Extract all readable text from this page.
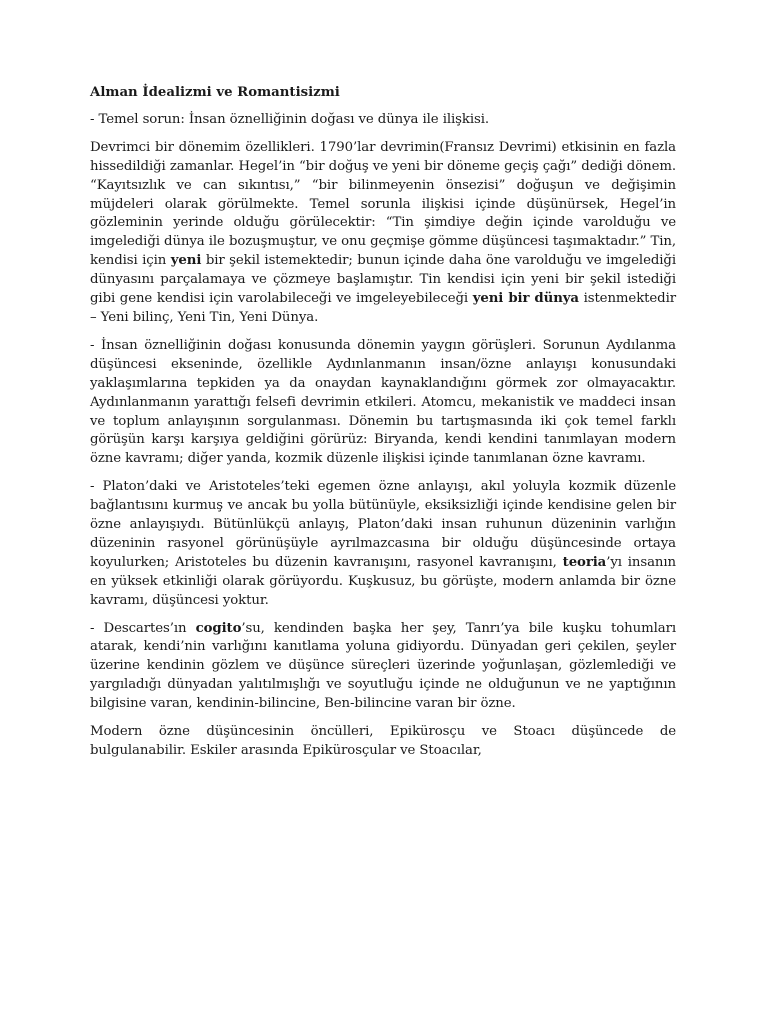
Alman İdealizmi ve Romantisizmi

- Temel sorun: İnsan öznelliğinin doğası ve dünya ile ilişkisi.

Devrimci bir dönemim özellikleri. 1790’lar devrimin(Fransız Devrimi) etkisinin en fazla hissedildiği zamanlar. Hegel’in “bir doğuş ve yeni bir döneme geçiş çağı” dediği dönem. “Kayıtsızlık ve can sıkıntısı,” “bir bilinmeyenin önsezisi” doğuşun ve değişimin müjdeleri olarak görülmekte. Temel sorunla ilişkisi içinde düşünürsek, Hegel’in gözleminin yerinde olduğu görülecektir: “Tin şimdiye değin içinde varolduğu ve imgelediği dünya ile bozuşmuştur, ve onu geçmişe gömme düşüncesi taşımaktadır.” Tin, kendisi için yeni bir şekil istemektedir; bunun içinde daha öne varolduğu ve imgelediği dünyasını parçalamaya ve çözmeye başlamıştır. Tin kendisi için yeni bir şekil istediği gibi gene kendisi için varolabileceği ve imgeleyebileceği yeni bir dünya istenmektedir – Yeni bilinç, Yeni Tin, Yeni Dünya.

- İnsan öznelliğinin doğası konusunda dönemin yaygın görüşleri. Sorunun Aydılanma düşüncesi ekseninde, özellikle Aydınlanmanın insan/özne anlayışı konusundaki yaklaşımlarına tepkiden ya da onaydan kaynaklandığını görmek zor olmayacaktır. Aydınlanmanın yarattığı felsefi devrimin etkileri. Atomcu, mekanistik ve maddeci insan ve toplum anlayışının sorgulanması. Dönemin bu tartışmasında iki çok temel farklı görüşün karşı karşıya geldiğini görürüz: Biryanda, kendi kendini tanımlayan modern özne kavramı; diğer yanda, kozmik düzenle ilişkisi içinde tanımlanan özne kavramı.

- Platon’daki ve Aristoteles’teki egemen özne anlayışı, akıl yoluyla kozmik düzenle bağlantısını kurmuş ve ancak bu yolla bütünüyle, eksiksizliği içinde kendisine gelen bir özne anlayışıydı. Bütünlükçü anlayış, Platon’daki insan ruhunun düzeninin varlığın düzeninin rasyonel görünüşüyle ayrılmazcasına bir olduğu düşüncesinde ortaya koyulurken; Aristoteles bu düzenin kavranışını, rasyonel kavranışını, teoria’yı insanın en yüksek etkinliği olarak görüyordu. Kuşkusuz, bu görüşte, modern anlamda bir özne kavramı, düşüncesi yoktur.

- Descartes’ın cogito’su, kendinden başka her şey, Tanrı’ya bile kuşku tohumları atarak, kendi’nin varlığını kanıtlama yoluna gidiyordu. Dünyadan geri çekilen, şeyler üzerine kendinin gözlem ve düşünce süreçleri üzerinde yoğunlaşan, gözlemlediği ve yargıladığı dünyadan yalıtılmışlığı ve soyutluğu içinde ne olduğunun ve ne yaptığının bilgisine varan, kendinin-bilincine, Ben-bilincine varan bir özne.

Modern özne düşüncesinin öncülleri, Epikürosçu ve Stoacı düşüncede de bulgulanabilir. Eskiler arasında Epikürosçular ve Stoacılar,
